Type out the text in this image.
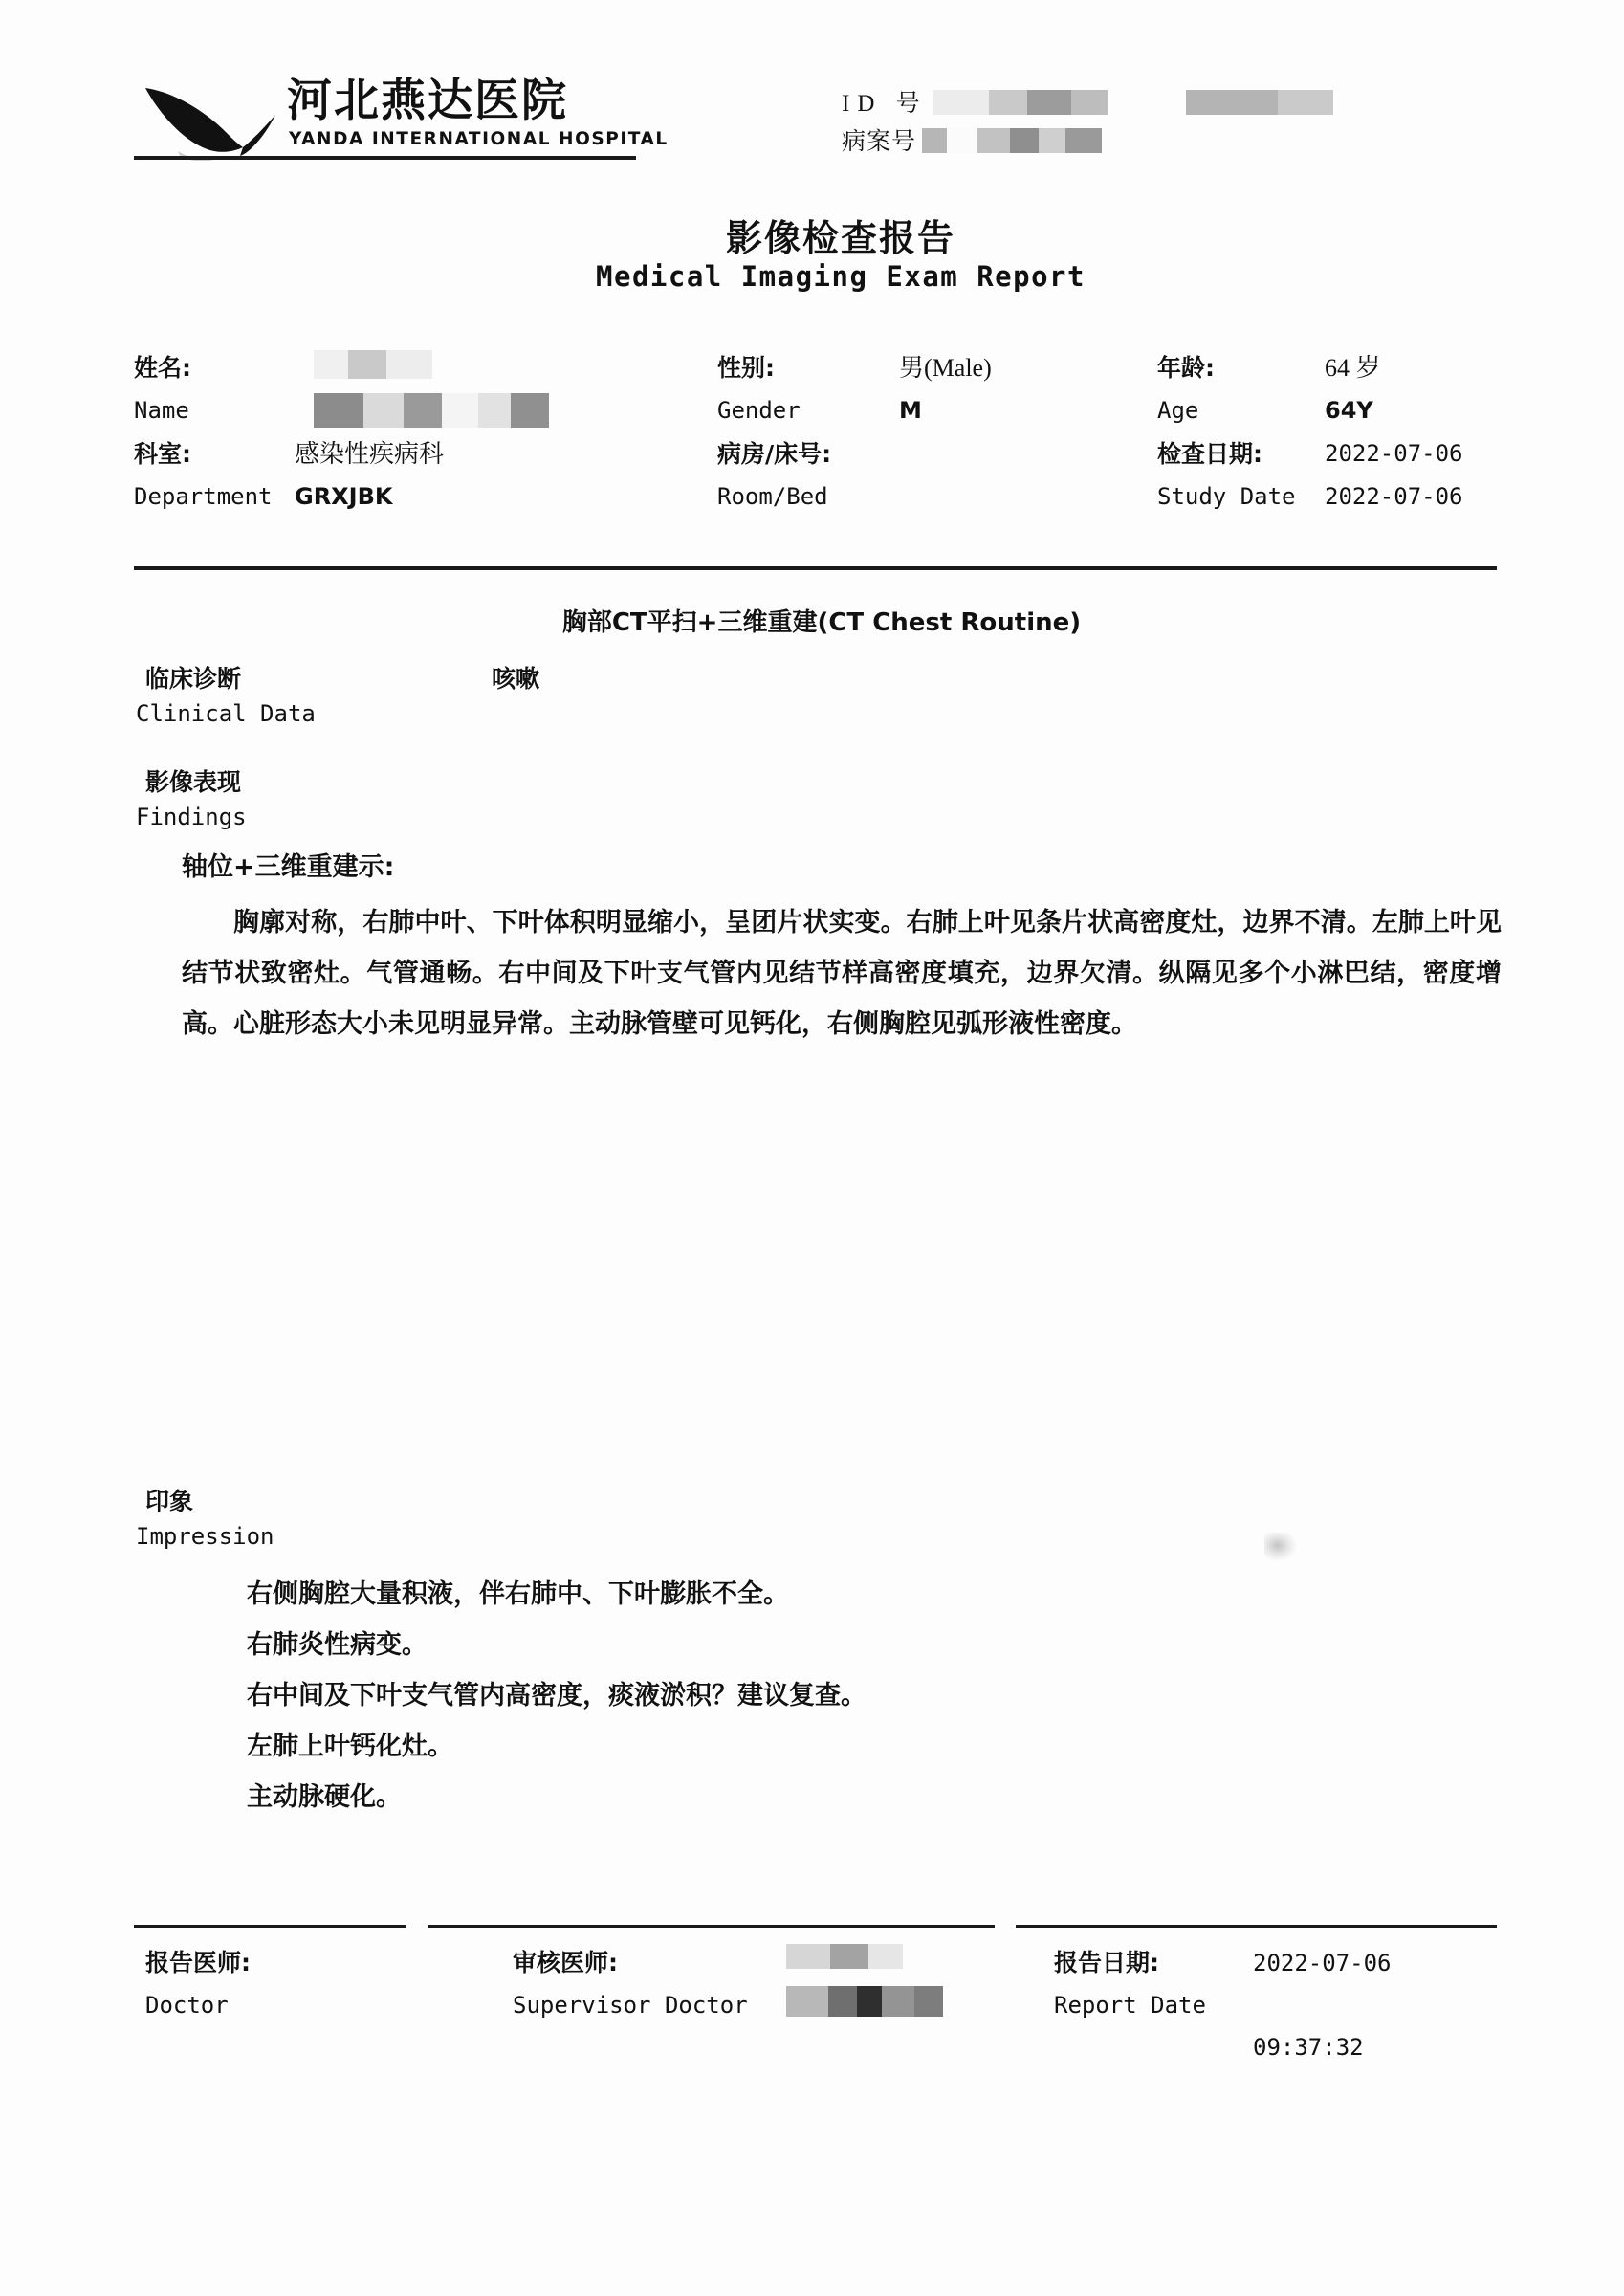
河北燕达医院
YANDA INTERNATIONAL HOSPITAL
ID 号

病案号
影像检查报告
Medical Imaging Exam Report
姓名:
Name
性别:
Gender
男(Male)
M
年龄:
Age
64 岁
64Y
科室:
Department
感染性疾病科
GRXJBK
病房/床号:
Room/Bed
检查日期:
Study Date
2022-07-06
2022-07-06
胸部CT平扫+三维重建(CT Chest Routine)
临床诊断	咳嗽
Clinical Data
影像表现
Findings
轴位+三维重建示:
胸廓对称，右肺中叶、下叶体积明显缩小，呈团片状实变。右肺上叶见条片状高密度灶，边界不清。左肺上叶见结节状致密灶。气管通畅。右中间及下叶支气管内见结节样高密度填充，边界欠清。纵隔见多个小淋巴结，密度增高。心脏形态大小未见明显异常。主动脉管壁可见钙化，右侧胸腔见弧形液性密度。
印象
Impression
右侧胸腔大量积液，伴右肺中、下叶膨胀不全。
右肺炎性病变。
右中间及下叶支气管内高密度，痰液淤积？建议复查。
左肺上叶钙化灶。
主动脉硬化。
报告医师:
Doctor
审核医师:
Supervisor Doctor
报告日期:
Report Date
2022-07-06

09:37:32
